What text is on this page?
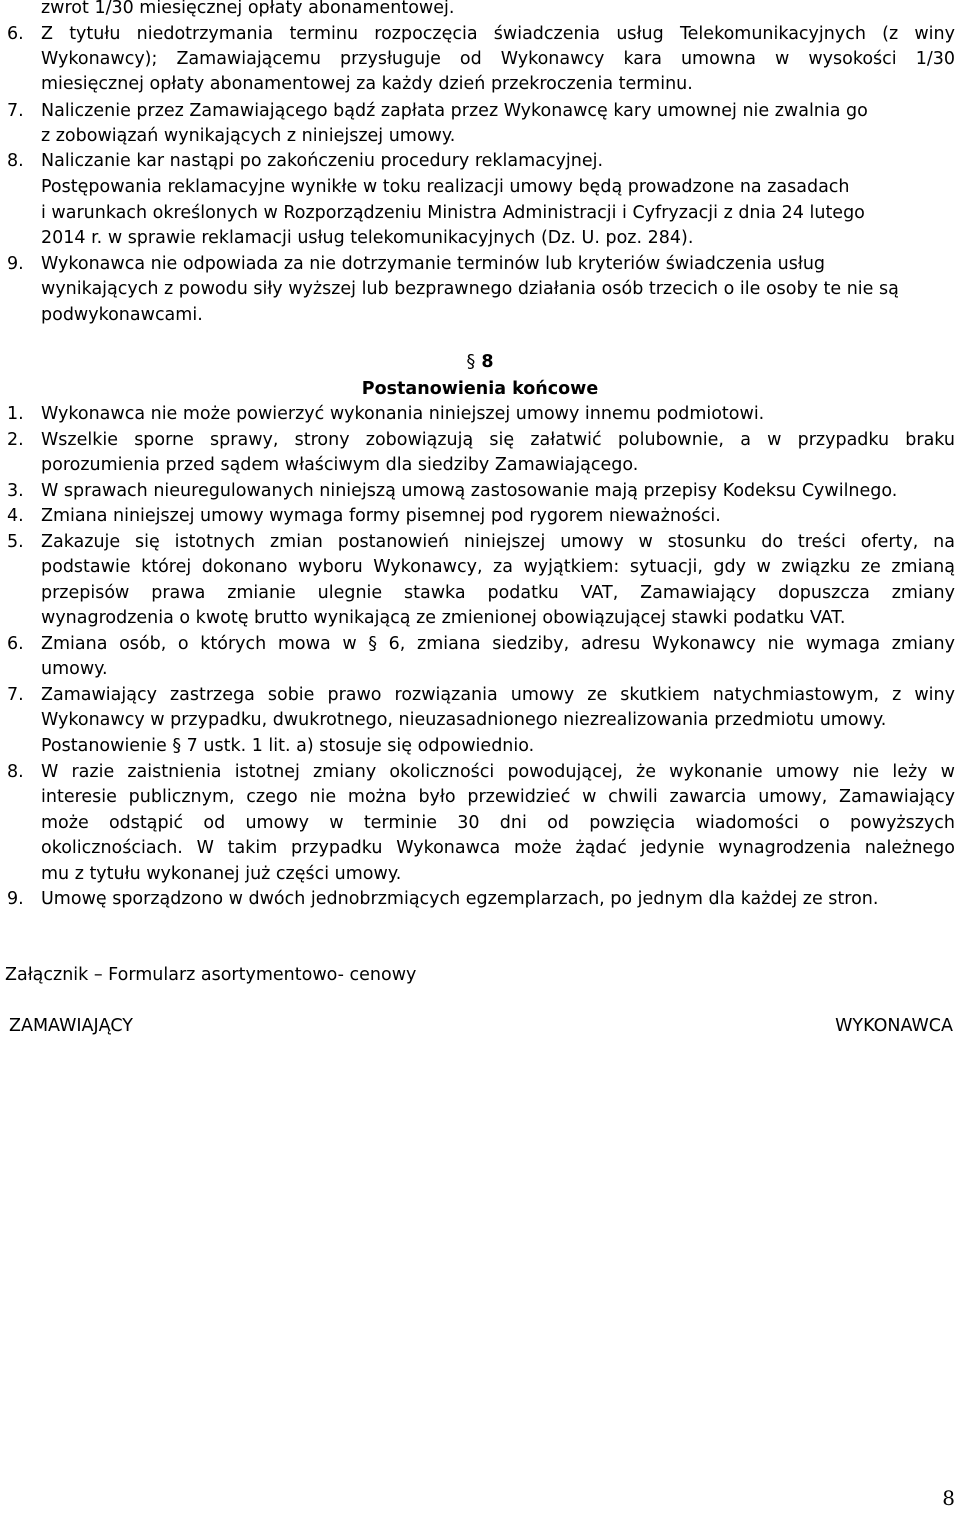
zwrot 1/30 miesięcznej opłaty abonamentowej.
6. Z tytułu niedotrzymania terminu rozpoczęcia świadczenia usług Telekomunikacyjnych (z winy
Wykonawcy); Zamawiającemu przysługuje od Wykonawcy kara umowna w wysokości 1/30
miesięcznej opłaty abonamentowej za każdy dzień przekroczenia terminu.
7. Naliczenie przez Zamawiającego bądź zapłata przez Wykonawcę kary umownej nie zwalnia go
z zobowiązań wynikających z niniejszej umowy.
8. Naliczanie kar nastąpi po zakończeniu procedury reklamacyjnej.
Postępowania reklamacyjne wynikłe w toku realizacji umowy będą prowadzone na zasadach
i warunkach określonych w Rozporządzeniu Ministra Administracji i Cyfryzacji z dnia 24 lutego
2014 r. w sprawie reklamacji usług telekomunikacyjnych (Dz. U. poz. 284).
9. Wykonawca nie odpowiada za nie dotrzymanie terminów lub kryteriów świadczenia usług
wynikających z powodu siły wyższej lub bezprawnego działania osób trzecich o ile osoby te nie są
podwykonawcami.
§ 8
Postanowienia końcowe
1. Wykonawca nie może powierzyć wykonania niniejszej umowy innemu podmiotowi.
2. Wszelkie sporne sprawy, strony zobowiązują się załatwić polubownie, a w przypadku braku
porozumienia przed sądem właściwym dla siedziby Zamawiającego.
3. W sprawach nieuregulowanych niniejszą umową zastosowanie mają przepisy Kodeksu Cywilnego.
4. Zmiana niniejszej umowy wymaga formy pisemnej pod rygorem nieważności.
5. Zakazuje się istotnych zmian postanowień niniejszej umowy w stosunku do treści oferty, na
podstawie której dokonano wyboru Wykonawcy, za wyjątkiem: sytuacji, gdy w związku ze zmianą
przepisów prawa zmianie ulegnie stawka podatku VAT, Zamawiający dopuszcza zmiany
wynagrodzenia o kwotę brutto wynikającą ze zmienionej obowiązującej stawki podatku VAT.
6. Zmiana osób, o których mowa w § 6, zmiana siedziby, adresu Wykonawcy nie wymaga zmiany
umowy.
7. Zamawiający zastrzega sobie prawo rozwiązania umowy ze skutkiem natychmiastowym, z winy
Wykonawcy w przypadku, dwukrotnego, nieuzasadnionego niezrealizowania przedmiotu umowy.
Postanowienie § 7 ustk. 1 lit. a) stosuje się odpowiednio.
8. W razie zaistnienia istotnej zmiany okoliczności powodującej, że wykonanie umowy nie leży w
interesie publicznym, czego nie można było przewidzieć w chwili zawarcia umowy, Zamawiający
może odstąpić od umowy w terminie 30 dni od powzięcia wiadomości o powyższych
okolicznościach. W takim przypadku Wykonawca może żądać jedynie wynagrodzenia należnego
mu z tytułu wykonanej już części umowy.
9. Umowę sporządzono w dwóch jednobrzmiących egzemplarzach, po jednym dla każdej ze stron.
Załącznik – Formularz asortymentowo- cenowy
ZAMAWIAJĄCY	WYKONAWCA
8
